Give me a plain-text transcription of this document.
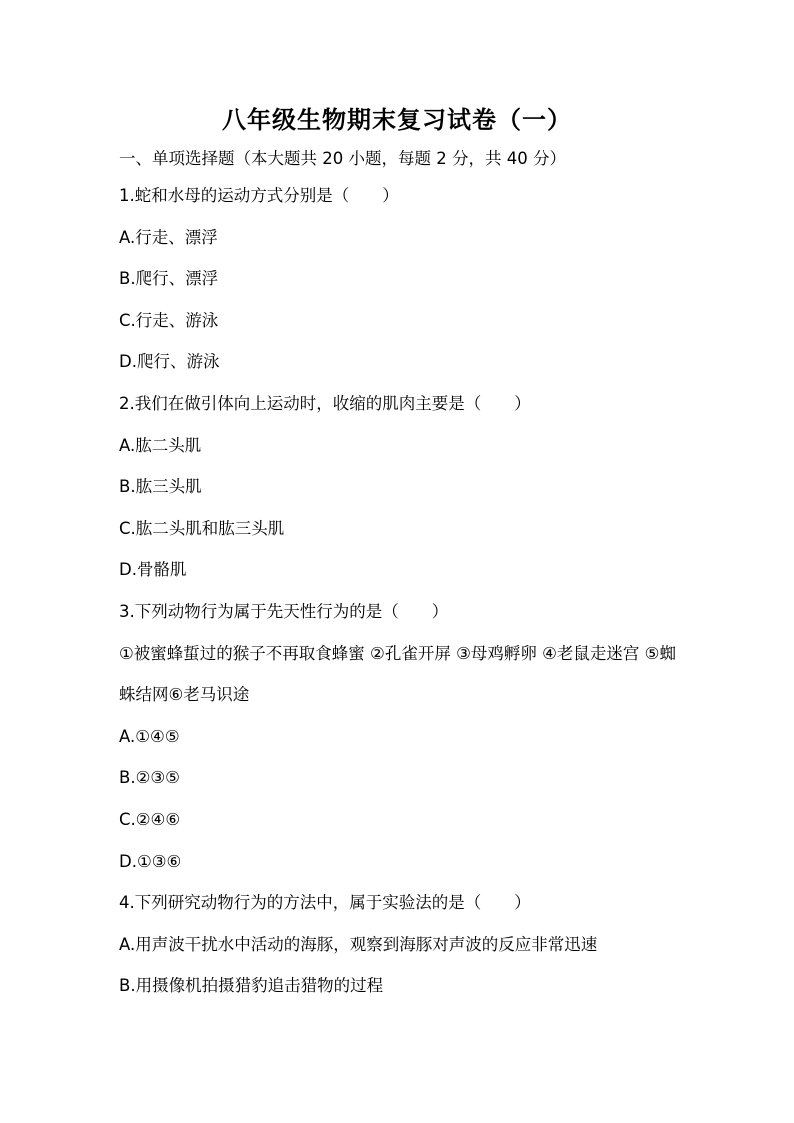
八年级生物期末复习试卷（一）
一、单项选择题（本大题共 20 小题，每题 2 分，共 40 分）
1.蛇和水母的运动方式分别是（　　）
A.行走、漂浮
B.爬行、漂浮
C.行走、游泳
D.爬行、游泳
2.我们在做引体向上运动时，收缩的肌肉主要是（　　）
A.肱二头肌
B.肱三头肌
C.肱二头肌和肱三头肌
D.骨骼肌
3.下列动物行为属于先天性行为的是（　　）
①被蜜蜂蜇过的猴子不再取食蜂蜜 ②孔雀开屏 ③母鸡孵卵 ④老鼠走迷宫 ⑤蜘蛛结网⑥老马识途
A.①④⑤
B.②③⑤
C.②④⑥
D.①③⑥
4.下列研究动物行为的方法中，属于实验法的是（　　）
A.用声波干扰水中活动的海豚，观察到海豚对声波的反应非常迅速
B.用摄像机拍摄猎豹追击猎物的过程
